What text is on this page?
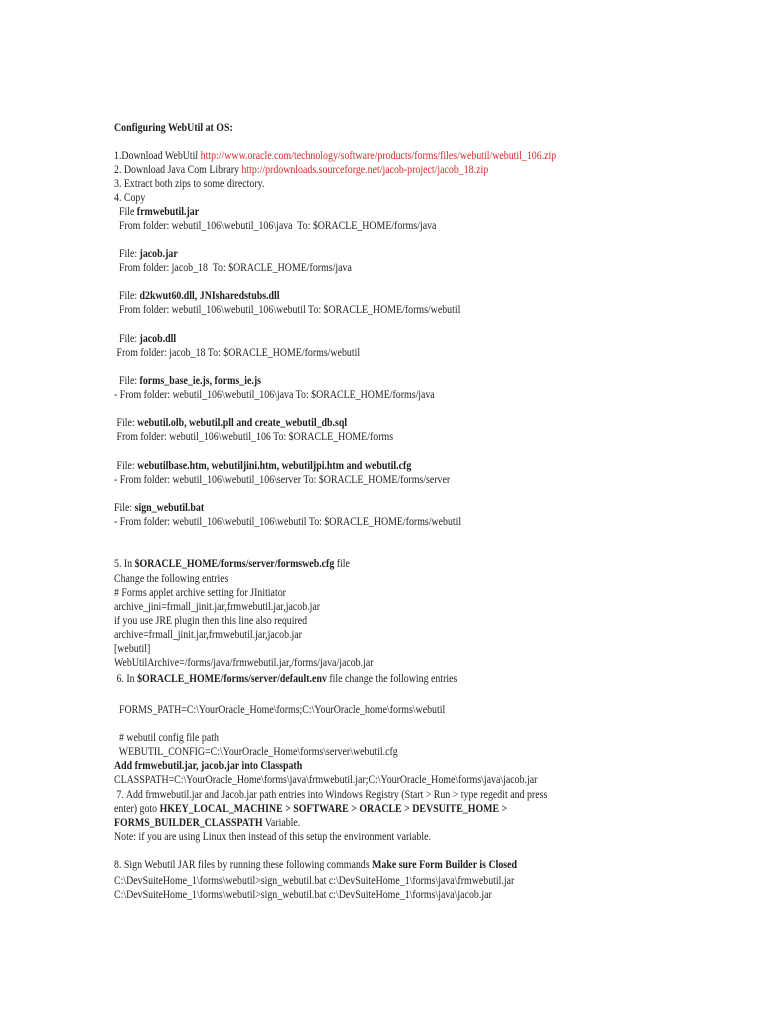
Configuring WebUtil at OS:
1.Download WebUtil http://www.oracle.com/technology/software/products/forms/files/webutil/webutil_106.zip
2. Download Java Com Library http://prdownloads.sourceforge.net/jacob-project/jacob_18.zip
3. Extract both zips to some directory.
4. Copy
File frmwebutil.jar
From folder: webutil_106\webutil_106\java  To: $ORACLE_HOME/forms/java
File: jacob.jar
From folder: jacob_18  To: $ORACLE_HOME/forms/java
File: d2kwut60.dll, JNIsharedstubs.dll
From folder: webutil_106\webutil_106\webutil To: $ORACLE_HOME/forms/webutil
File: jacob.dll
From folder: jacob_18 To: $ORACLE_HOME/forms/webutil
File: forms_base_ie.js, forms_ie.js
- From folder: webutil_106\webutil_106\java To: $ORACLE_HOME/forms/java
File: webutil.olb, webutil.pll and create_webutil_db.sql
From folder: webutil_106\webutil_106 To: $ORACLE_HOME/forms
File: webutilbase.htm, webutiljini.htm, webutiljpi.htm and webutil.cfg
- From folder: webutil_106\webutil_106\server To: $ORACLE_HOME/forms/server
File: sign_webutil.bat
- From folder: webutil_106\webutil_106\webutil To: $ORACLE_HOME/forms/webutil
5. In $ORACLE_HOME/forms/server/formsweb.cfg file
Change the following entries
# Forms applet archive setting for JInitiator
archive_jini=frmall_jinit.jar,frmwebutil.jar,jacob.jar
if you use JRE plugin then this line also required
archive=frmall_jinit.jar,frmwebutil.jar,jacob.jar
[webutil]
WebUtilArchive=/forms/java/frmwebutil.jar,/forms/java/jacob.jar
6. In $ORACLE_HOME/forms/server/default.env file change the following entries
FORMS_PATH=C:\YourOracle_Home\forms;C:\YourOracle_home\forms\webutil
# webutil config file path
WEBUTIL_CONFIG=C:\YourOracle_Home\forms\server\webutil.cfg
Add frmwebutil.jar, jacob.jar into Classpath
CLASSPATH=C:\YourOracle_Home\forms\java\frmwebutil.jar;C:\YourOracle_Home\forms\java\jacob.jar
7. Add frmwebutil.jar and Jacob.jar path entries into Windows Registry (Start > Run > type regedit and press
enter) goto HKEY_LOCAL_MACHINE > SOFTWARE > ORACLE > DEVSUITE_HOME >
FORMS_BUILDER_CLASSPATH Variable.
Note: if you are using Linux then instead of this setup the environment variable.
8. Sign Webutil JAR files by running these following commands Make sure Form Builder is Closed
C:\DevSuiteHome_1\forms\webutil>sign_webutil.bat c:\DevSuiteHome_1\forms\java\frmwebutil.jar
C:\DevSuiteHome_1\forms\webutil>sign_webutil.bat c:\DevSuiteHome_1\forms\java\jacob.jar
